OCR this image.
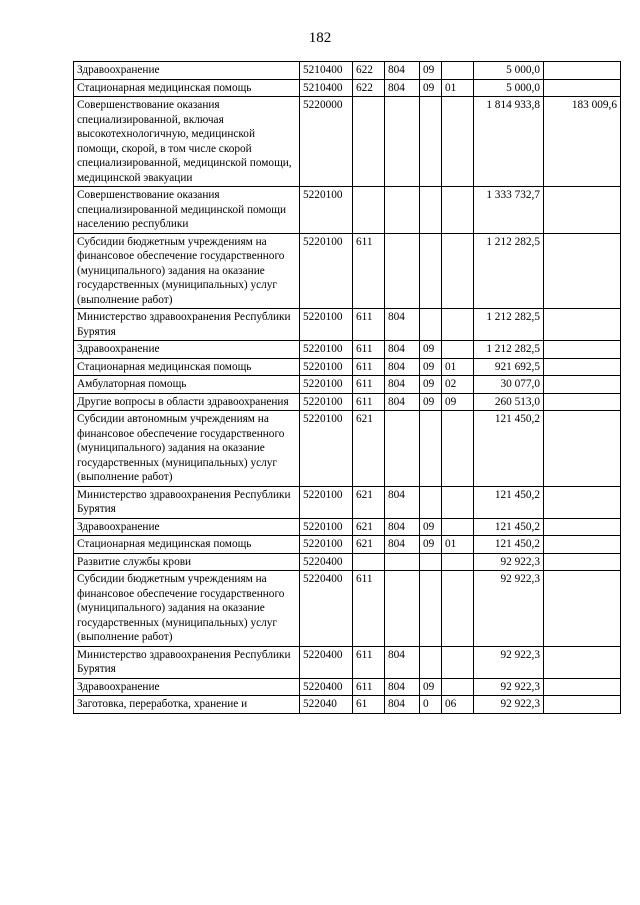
182
Здравоохранение	5210400	622	804	09		5 000,0	
Стационарная медицинская помощь	5210400	622	804	09	01	5 000,0	
Совершенствование оказания специализированной, включая высокотехнологичную, медицинской помощи, скорой, в том числе скорой специализированной, медицинской помощи, медицинской эвакуации	5220000					1 814 933,8	183 009,6
Совершенствование оказания специализированной медицинской помощи населению республики	5220100					1 333 732,7	
Субсидии бюджетным учреждениям на финансовое обеспечение государственного (муниципального) задания на оказание государственных (муниципальных) услуг (выполнение работ)	5220100	611				1 212 282,5	
Министерство здравоохранения Республики Бурятия	5220100	611	804			1 212 282,5	
Здравоохранение	5220100	611	804	09		1 212 282,5	
Стационарная медицинская помощь	5220100	611	804	09	01	921 692,5	
Амбулаторная помощь	5220100	611	804	09	02	30 077,0	
Другие вопросы в области здравоохранения	5220100	611	804	09	09	260 513,0	
Субсидии автономным учреждениям на финансовое обеспечение государственного (муниципального) задания на оказание государственных (муниципальных) услуг (выполнение работ)	5220100	621				121 450,2	
Министерство здравоохранения Республики Бурятия	5220100	621	804			121 450,2	
Здравоохранение	5220100	621	804	09		121 450,2	
Стационарная медицинская помощь	5220100	621	804	09	01	121 450,2	
Развитие службы крови	5220400					92 922,3	
Субсидии бюджетным учреждениям на финансовое обеспечение государственного (муниципального) задания на оказание государственных (муниципальных) услуг (выполнение работ)	5220400	611				92 922,3	
Министерство здравоохранения Республики Бурятия	5220400	611	804			92 922,3	
Здравоохранение	5220400	611	804	09		92 922,3	
Заготовка, переработка, хранение и	522040	61	804	0	06	92 922,3	
